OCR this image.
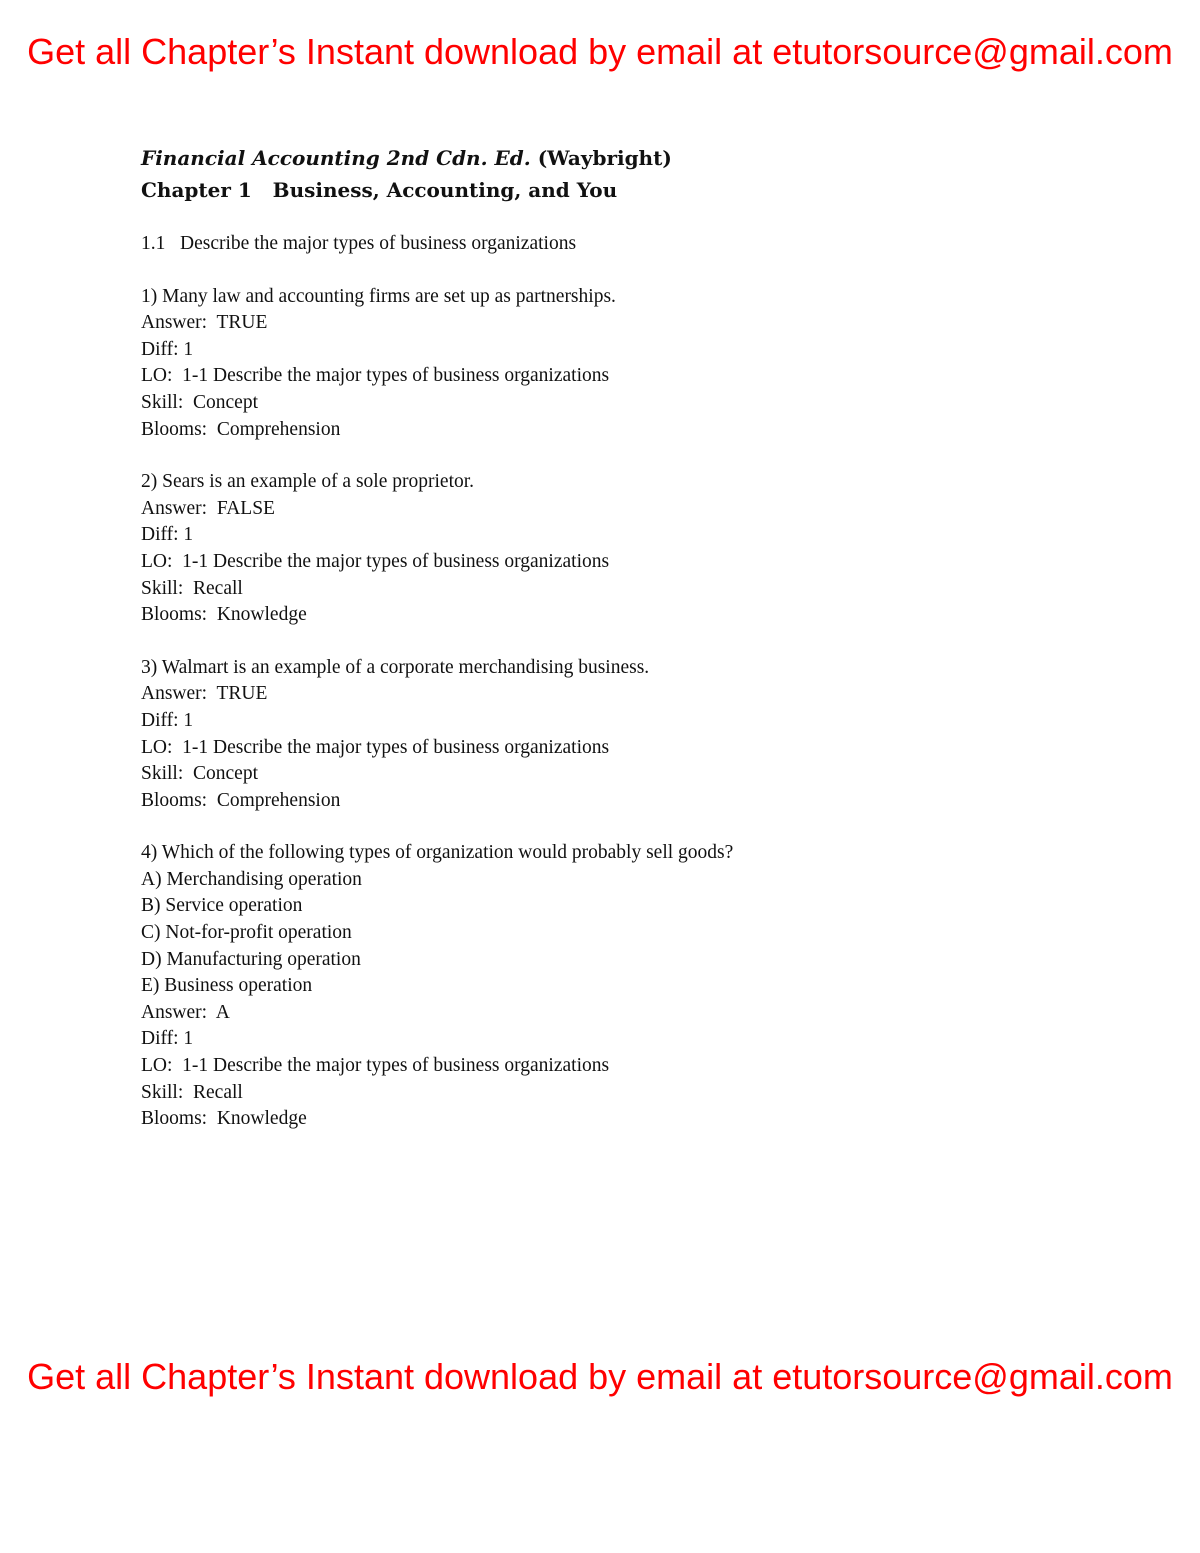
Get all Chapter’s Instant download by email at etutorsource@gmail.com
Financial Accounting 2nd Cdn. Ed. (Waybright)
Chapter 1   Business, Accounting, and You
1.1   Describe the major types of business organizations
1) Many law and accounting firms are set up as partnerships.
Answer:  TRUE
Diff: 1
LO:  1-1 Describe the major types of business organizations
Skill:  Concept
Blooms:  Comprehension
2) Sears is an example of a sole proprietor.
Answer:  FALSE
Diff: 1
LO:  1-1 Describe the major types of business organizations
Skill:  Recall
Blooms:  Knowledge
3) Walmart is an example of a corporate merchandising business.
Answer:  TRUE
Diff: 1
LO:  1-1 Describe the major types of business organizations
Skill:  Concept
Blooms:  Comprehension
4) Which of the following types of organization would probably sell goods?
A) Merchandising operation
B) Service operation
C) Not-for-profit operation
D) Manufacturing operation
E) Business operation
Answer:  A
Diff: 1
LO:  1-1 Describe the major types of business organizations
Skill:  Recall
Blooms:  Knowledge
Get all Chapter’s Instant download by email at etutorsource@gmail.com
